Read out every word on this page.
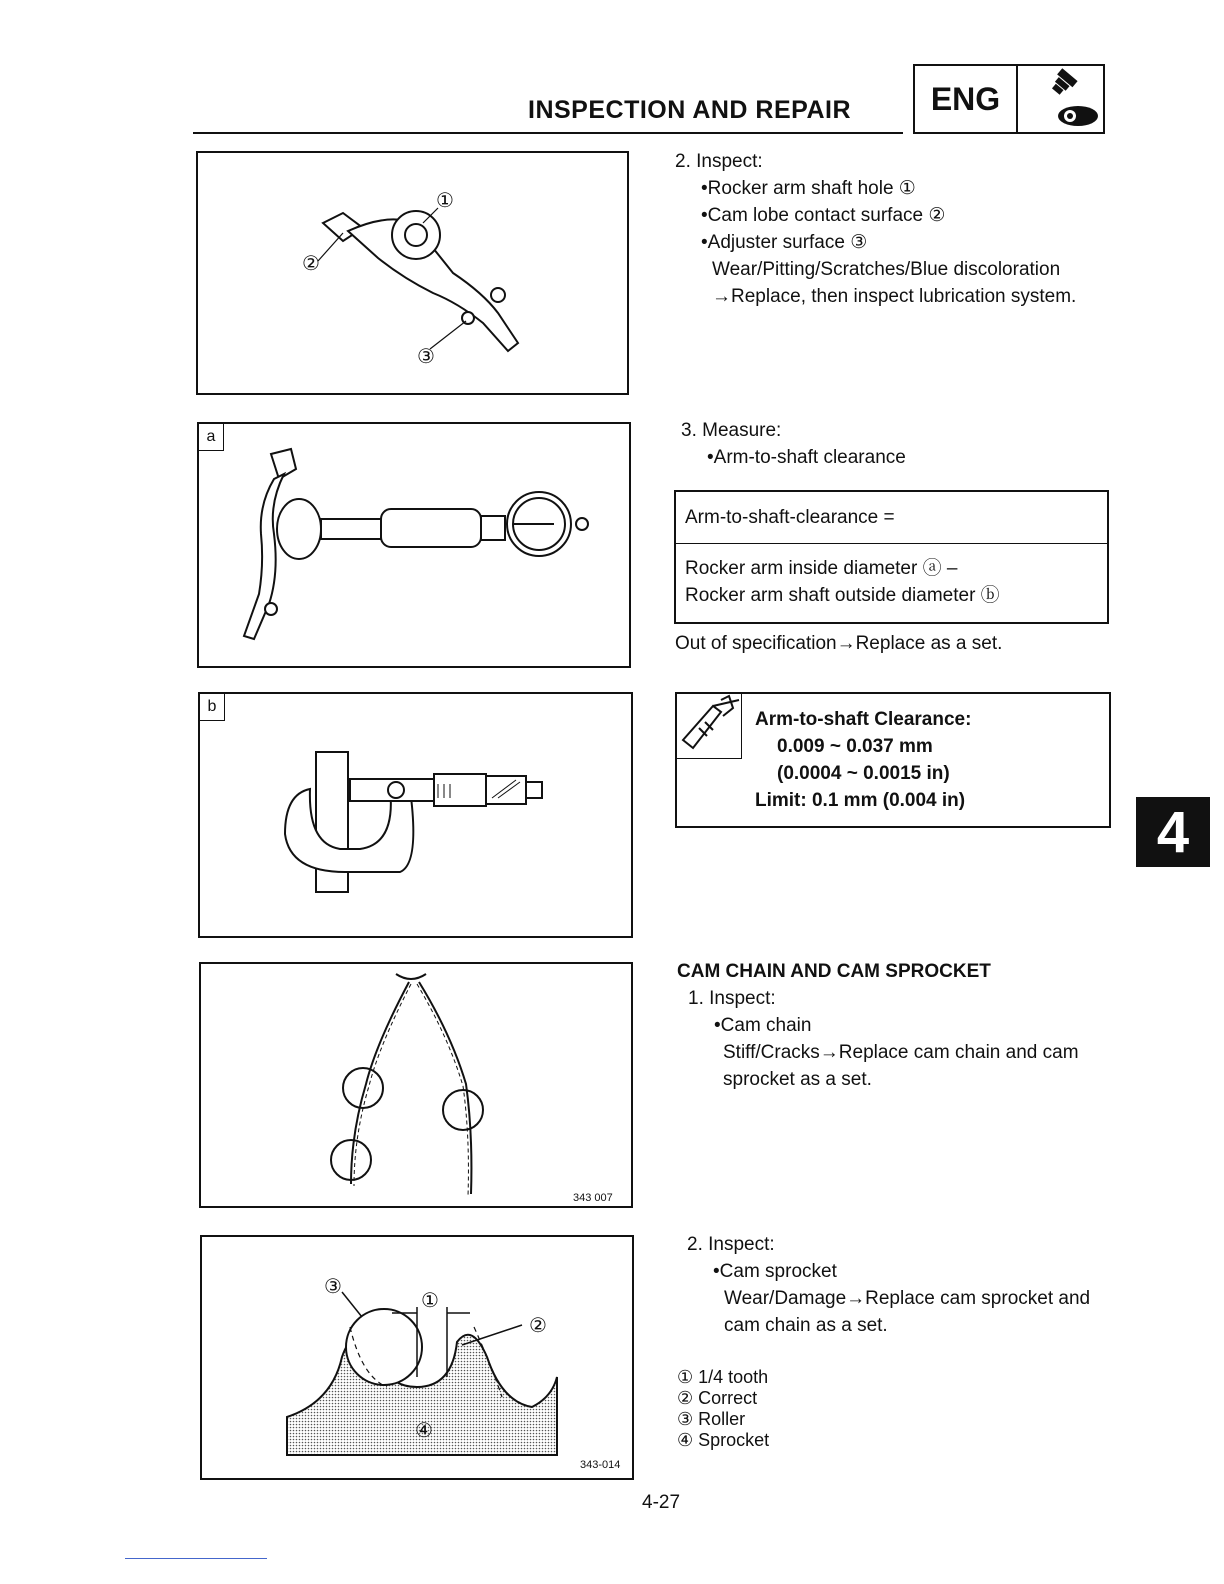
INSPECTION AND REPAIR	ENG
①
②
③
a
b
343 007
①
②
③
④
343-014
2. Inspect:
•Rocker arm shaft hole ①
•Cam lobe contact surface ②
•Adjuster surface ③
Wear/Pitting/Scratches/Blue discoloration
→Replace, then inspect lubrication system.
3. Measure:
•Arm-to-shaft clearance
Arm-to-shaft-clearance =
Rocker arm inside diameter ⓐ –
Rocker arm shaft outside diameter ⓑ
Out of specification→Replace as a set.
Arm-to-shaft Clearance:
0.009 ~ 0.037 mm
(0.0004 ~ 0.0015 in)
Limit: 0.1 mm (0.004 in)	4
CAM CHAIN AND CAM SPROCKET
1. Inspect:
•Cam chain
Stiff/Cracks→Replace cam chain and cam
sprocket as a set.
2. Inspect:
•Cam sprocket
Wear/Damage→Replace cam sprocket and
cam chain as a set.
① 1/4 tooth
② Correct
③ Roller
④ Sprocket
4-27
